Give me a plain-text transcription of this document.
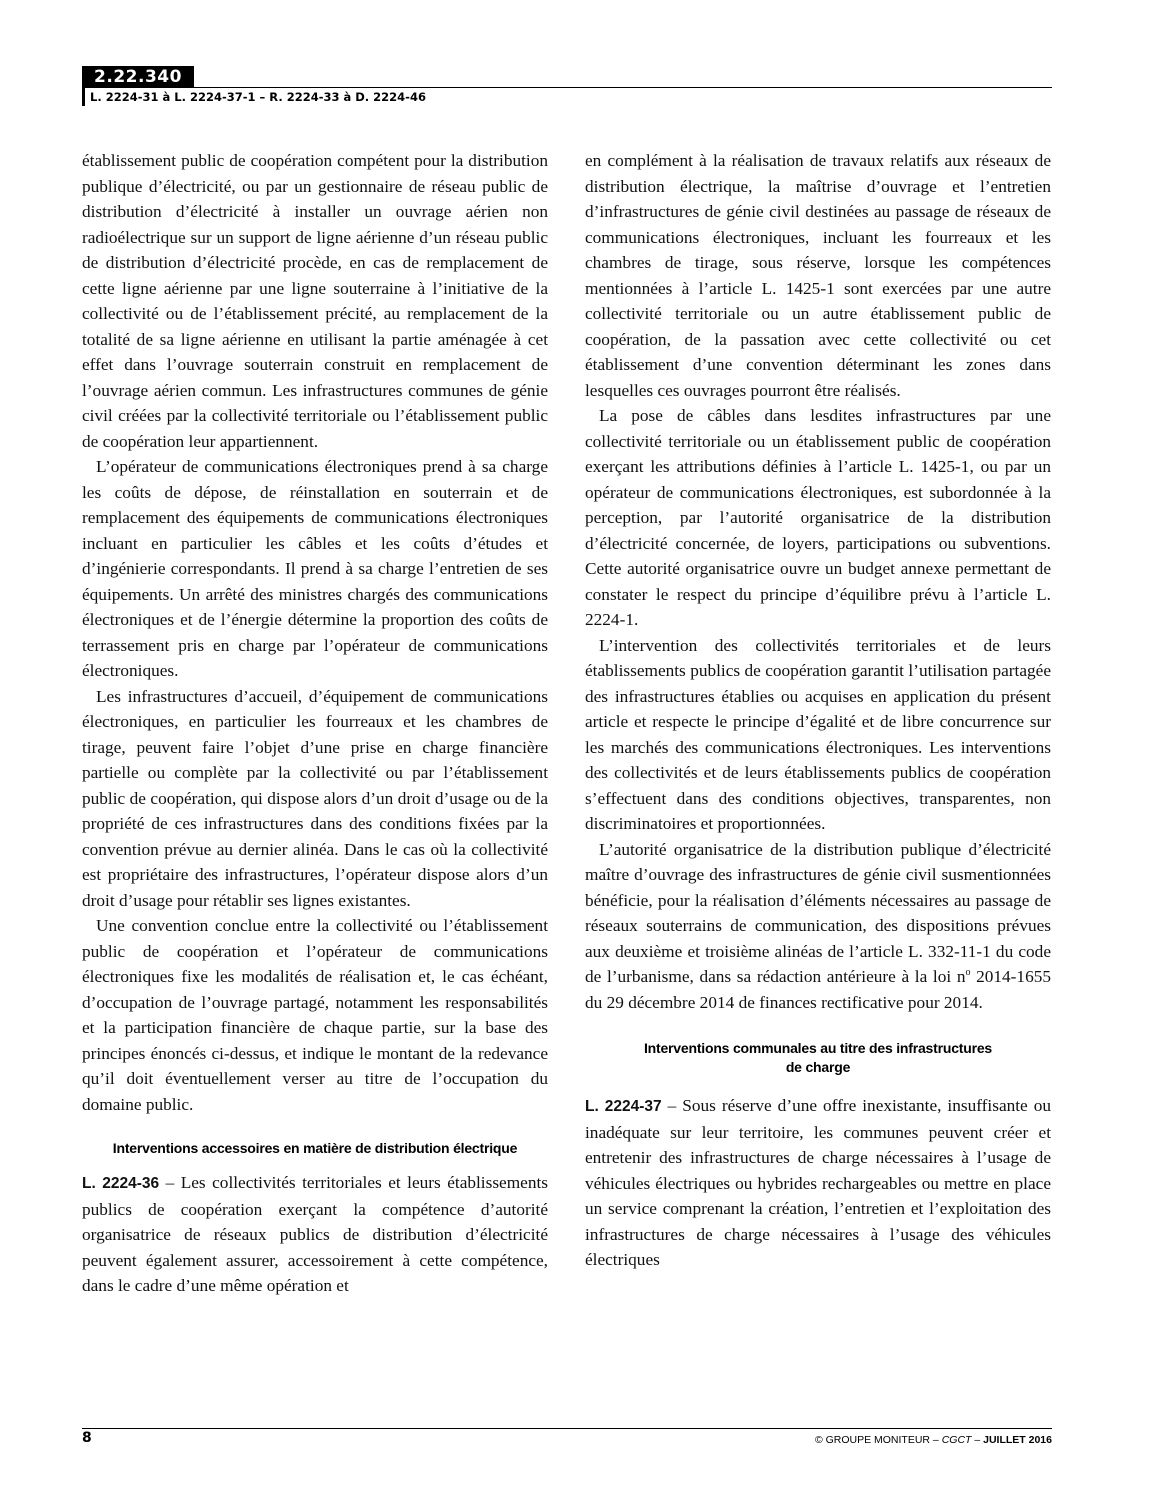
2.22.340
L. 2224-31 à L. 2224-37-1 – R. 2224-33 à D. 2224-46

établissement public de coopération compétent pour la distribution publique d’électricité, ou par un gestionnaire de réseau public de distribution d’électricité à installer un ouvrage aérien non radioélectrique sur un support de ligne aérienne d’un réseau public de distribution d’électricité procède, en cas de remplacement de cette ligne aérienne par une ligne souterraine à l’initiative de la collectivité ou de l’établissement précité, au remplacement de la totalité de sa ligne aérienne en utilisant la partie aménagée à cet effet dans l’ouvrage souterrain construit en remplacement de l’ouvrage aérien commun. Les infrastructures communes de génie civil créées par la collectivité territoriale ou l’établissement public de coopération leur appartiennent.

L’opérateur de communications électroniques prend à sa charge les coûts de dépose, de réinstallation en souterrain et de remplacement des équipements de communications électroniques incluant en particulier les câbles et les coûts d’études et d’ingénierie correspondants. Il prend à sa charge l’entretien de ses équipements. Un arrêté des ministres chargés des communications électroniques et de l’énergie détermine la proportion des coûts de terrassement pris en charge par l’opérateur de communications électroniques.

Les infrastructures d’accueil, d’équipement de communications électroniques, en particulier les fourreaux et les chambres de tirage, peuvent faire l’objet d’une prise en charge financière partielle ou complète par la collectivité ou par l’établissement public de coopération, qui dispose alors d’un droit d’usage ou de la propriété de ces infrastructures dans des conditions fixées par la convention prévue au dernier alinéa. Dans le cas où la collectivité est propriétaire des infrastructures, l’opérateur dispose alors d’un droit d’usage pour rétablir ses lignes existantes.

Une convention conclue entre la collectivité ou l’établissement public de coopération et l’opérateur de communications électroniques fixe les modalités de réalisation et, le cas échéant, d’occupation de l’ouvrage partagé, notamment les responsabilités et la participation financière de chaque partie, sur la base des principes énoncés ci-dessus, et indique le montant de la redevance qu’il doit éventuellement verser au titre de l’occupation du domaine public.

Interventions accessoires en matière de distribution électrique

L. 2224-36 – Les collectivités territoriales et leurs établissements publics de coopération exerçant la compétence d’autorité organisatrice de réseaux publics de distribution d’électricité peuvent également assurer, accessoirement à cette compétence, dans le cadre d’une même opération et

en complément à la réalisation de travaux relatifs aux réseaux de distribution électrique, la maîtrise d’ouvrage et l’entretien d’infrastructures de génie civil destinées au passage de réseaux de communications électroniques, incluant les fourreaux et les chambres de tirage, sous réserve, lorsque les compétences mentionnées à l’article L. 1425-1 sont exercées par une autre collectivité territoriale ou un autre établissement public de coopération, de la passation avec cette collectivité ou cet établissement d’une convention déterminant les zones dans lesquelles ces ouvrages pourront être réalisés.

La pose de câbles dans lesdites infrastructures par une collectivité territoriale ou un établissement public de coopération exerçant les attributions définies à l’article L. 1425-1, ou par un opérateur de communications électroniques, est subordonnée à la perception, par l’autorité organisatrice de la distribution d’électricité concernée, de loyers, participations ou subventions. Cette autorité organisatrice ouvre un budget annexe permettant de constater le respect du principe d’équilibre prévu à l’article L. 2224-1.

L’intervention des collectivités territoriales et de leurs établissements publics de coopération garantit l’utilisation partagée des infrastructures établies ou acquises en application du présent article et respecte le principe d’égalité et de libre concurrence sur les marchés des communications électroniques. Les interventions des collectivités et de leurs établissements publics de coopération s’effectuent dans des conditions objectives, transparentes, non discriminatoires et proportionnées.

L’autorité organisatrice de la distribution publique d’électricité maître d’ouvrage des infrastructures de génie civil susmentionnées bénéficie, pour la réalisation d’éléments nécessaires au passage de réseaux souterrains de communication, des dispositions prévues aux deuxième et troisième alinéas de l’article L. 332-11-1 du code de l’urbanisme, dans sa rédaction antérieure à la loi $n^o$ 2014-1655 du 29 décembre 2014 de finances rectificative pour 2014.

Interventions communales au titre des infrastructures
de charge

L. 2224-37 – Sous réserve d’une offre inexistante, insuffisante ou inadéquate sur leur territoire, les communes peuvent créer et entretenir des infrastructures de charge nécessaires à l’usage de véhicules électriques ou hybrides rechargeables ou mettre en place un service comprenant la création, l’entretien et l’exploitation des infrastructures de charge nécessaires à l’usage des véhicules électriques

8	© GROUPE MONITEUR – CGCT – JUILLET 2016
